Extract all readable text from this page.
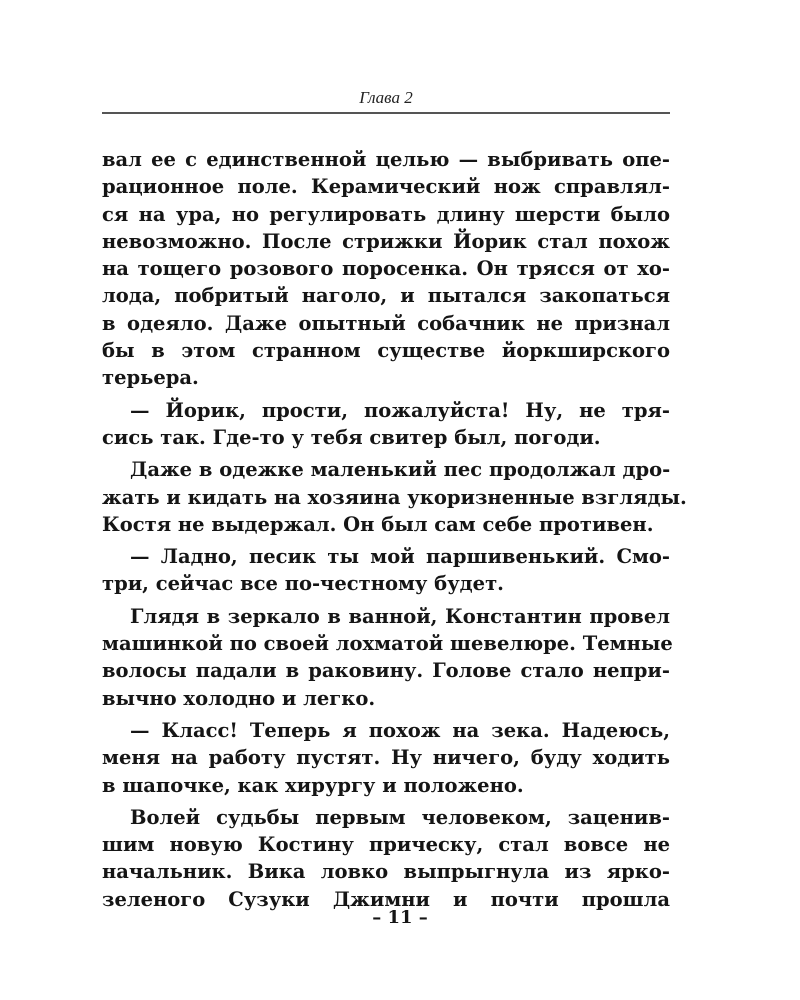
Глава 2
вал ее с единственной целью — выбривать опе-
рационное поле. Керамический нож справлял-
ся на ура, но регулировать длину шерсти было
невозможно. После стрижки Йорик стал похож
на тощего розового поросенка. Он трясся от хо-
лода, побритый наголо, и пытался закопаться
в одеяло. Даже опытный собачник не признал
бы в этом странном существе йоркширского
терьера.
— Йорик, прости, пожалуйста! Ну, не тря-
сись так. Где-то у тебя свитер был, погоди.
Даже в одежке маленький пес продолжал дро-
жать и кидать на хозяина укоризненные взгляды.
Костя не выдержал. Он был сам себе противен.
— Ладно, песик ты мой паршивенький. Смо-
три, сейчас все по-честному будет.
Глядя в зеркало в ванной, Константин провел
машинкой по своей лохматой шевелюре. Темные
волосы падали в раковину. Голове стало непри-
вычно холодно и легко.
— Класс! Теперь я похож на зека. Надеюсь,
меня на работу пустят. Ну ничего, буду ходить
в шапочке, как хирургу и положено.
Волей судьбы первым человеком, заценив-
шим новую Костину прическу, стал вовсе не
начальник. Вика ловко выпрыгнула из ярко-
зеленого Сузуки Джимни и почти прошла
– 11 –
